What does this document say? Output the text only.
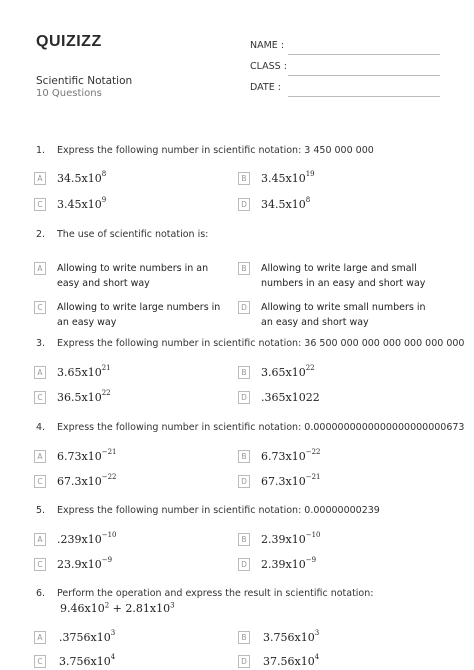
QUIZIZZ
Scientific Notation
10 Questions
NAME :
CLASS :
DATE :
1. Express the following number in scientific notation: 3 450 000 000
A	$34.5x10^8$	B	$3.45x10^{19}$
C	$3.45x10^9$	D $34.5x10^8$
2. The use of scientific notation is:
A	Allowing to write numbers in an easy and short way
B	Allowing to write large and small numbers in an easy and short way
C	Allowing to write large numbers in an easy way
D	Allowing to write small numbers in an easy and short way
3. Express the following number in scientific notation: 36 500 000 000 000 000 000 000
A	$3.65x10^{21}$	B	$3.65x10^{22}$
C	$36.5x10^{22}$	D .365x1022
4. Express the following number in scientific notation: 0.0000000000000000000000673
A	$6.73x10^{-21}$	B	$6.73x10^{-22}$
C	$67.3x10^{-22}$	D $67.3x10^{-21}$
5. Express the following number in scientific notation: 0.00000000239
A	$.239x10^{-10}$	B	$2.39x10^{-10}$
C	$23.9x10^{-9}$	D $2.39x10^{-9}$
6. Perform the operation and express the result in scientific notation:
$9.46x10^2 + 2.81x10^3$
A	$.3756x10^3$	B	$3.756x10^3$
C	$3.756x10^4$	D $37.56x10^4$
